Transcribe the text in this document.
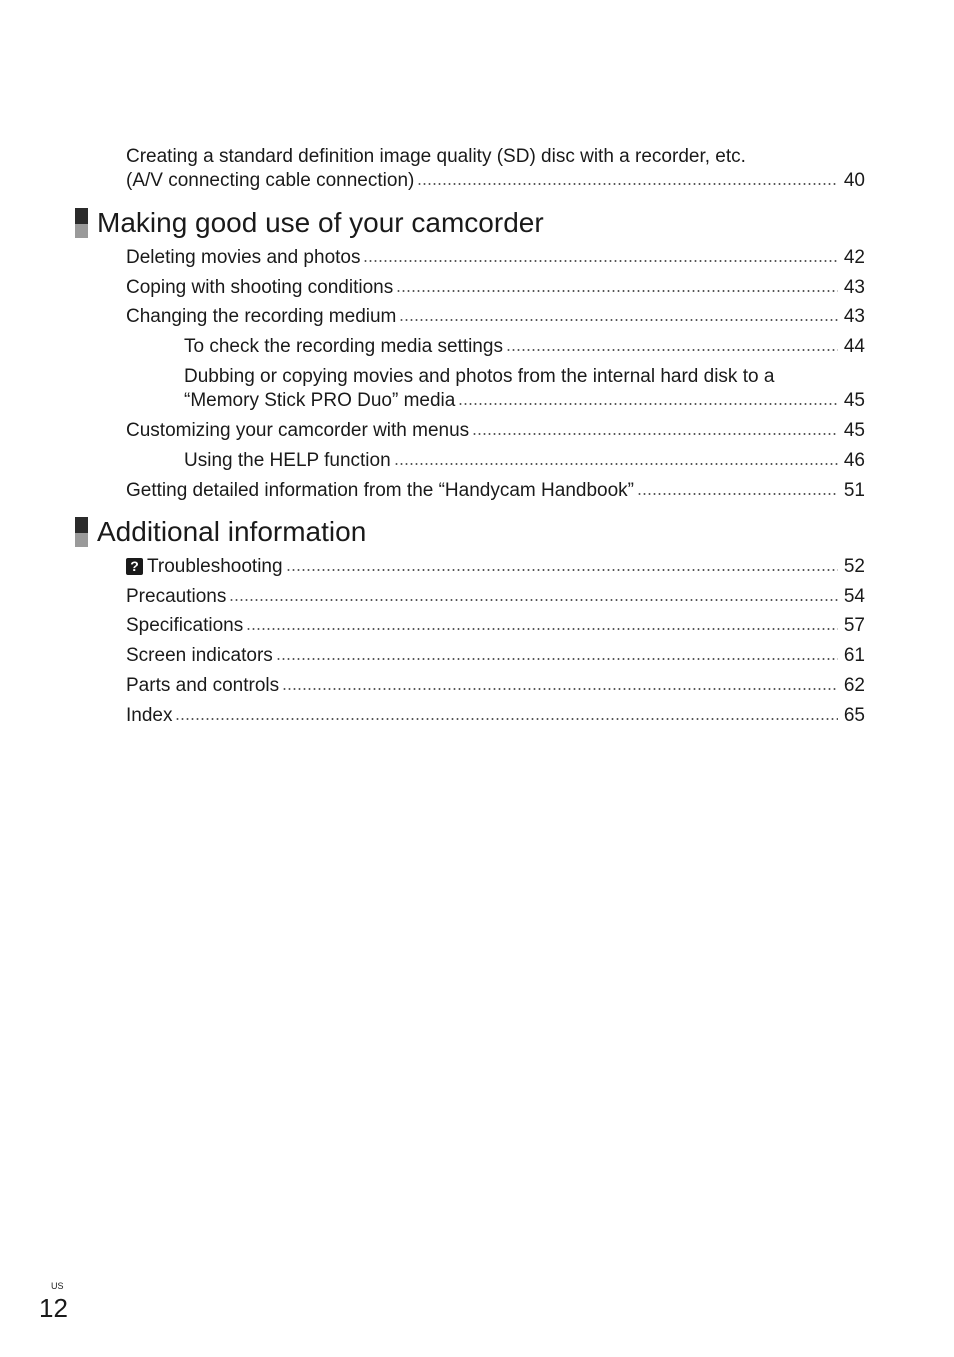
Creating a standard definition image quality (SD) disc with a recorder, etc.
(A/V connecting cable connection)	40
Making good use of your camcorder
Deleting movies and photos	42
Coping with shooting conditions	43
Changing the recording medium	43
To check the recording media settings	44
Dubbing or copying movies and photos from the internal hard disk to a
“Memory Stick PRO Duo” media	45
Customizing your camcorder with menus	45
Using the HELP function	46
Getting detailed information from the “Handycam Handbook”	51
Additional information
? Troubleshooting	52
Precautions	54
Specifications	57
Screen indicators	61
Parts and controls	62
Index	65
US
12
